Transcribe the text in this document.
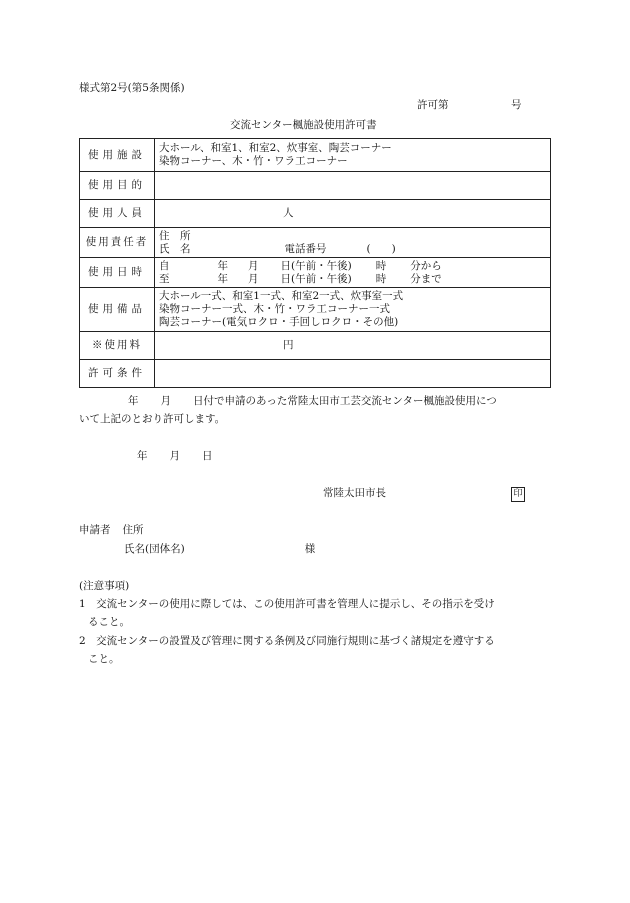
様式第2号(第5条関係)
許可第	号
交流センター楓施設使用許可書
使用施設	大ホール、和室1、和室2、炊事室、陶芸コーナー
染物コーナー、木・竹・ワラ工コーナー

使用目的	
使用人員	人
使用責任者	住　所
氏　名 電話番号 (　　)

使用日時	自 年 月 日(午前・午後) 時 分から
至 年 月 日(午前・午後) 時 分まで

使用備品	大ホール一式、和室1一式、和室2一式、炊事室一式
染物コーナー一式、木・竹・ワラ工コーナー一式
陶芸コーナー(電気ロクロ・手回しロクロ・その他)

※使用料	円
許可条件	
年 月 日付で申請のあった常陸太田市工芸交流センター楓施設使用につ
いて上記のとおり許可します。
年 月 日
常陸太田市長	印
申請者 住所
氏名(団体名)	様
(注意事項)
1　交流センターの使用に際しては、この使用許可書を管理人に提示し、その指示を受け
ること。
2　交流センターの設置及び管理に関する条例及び同施行規則に基づく諸規定を遵守する
こと。
